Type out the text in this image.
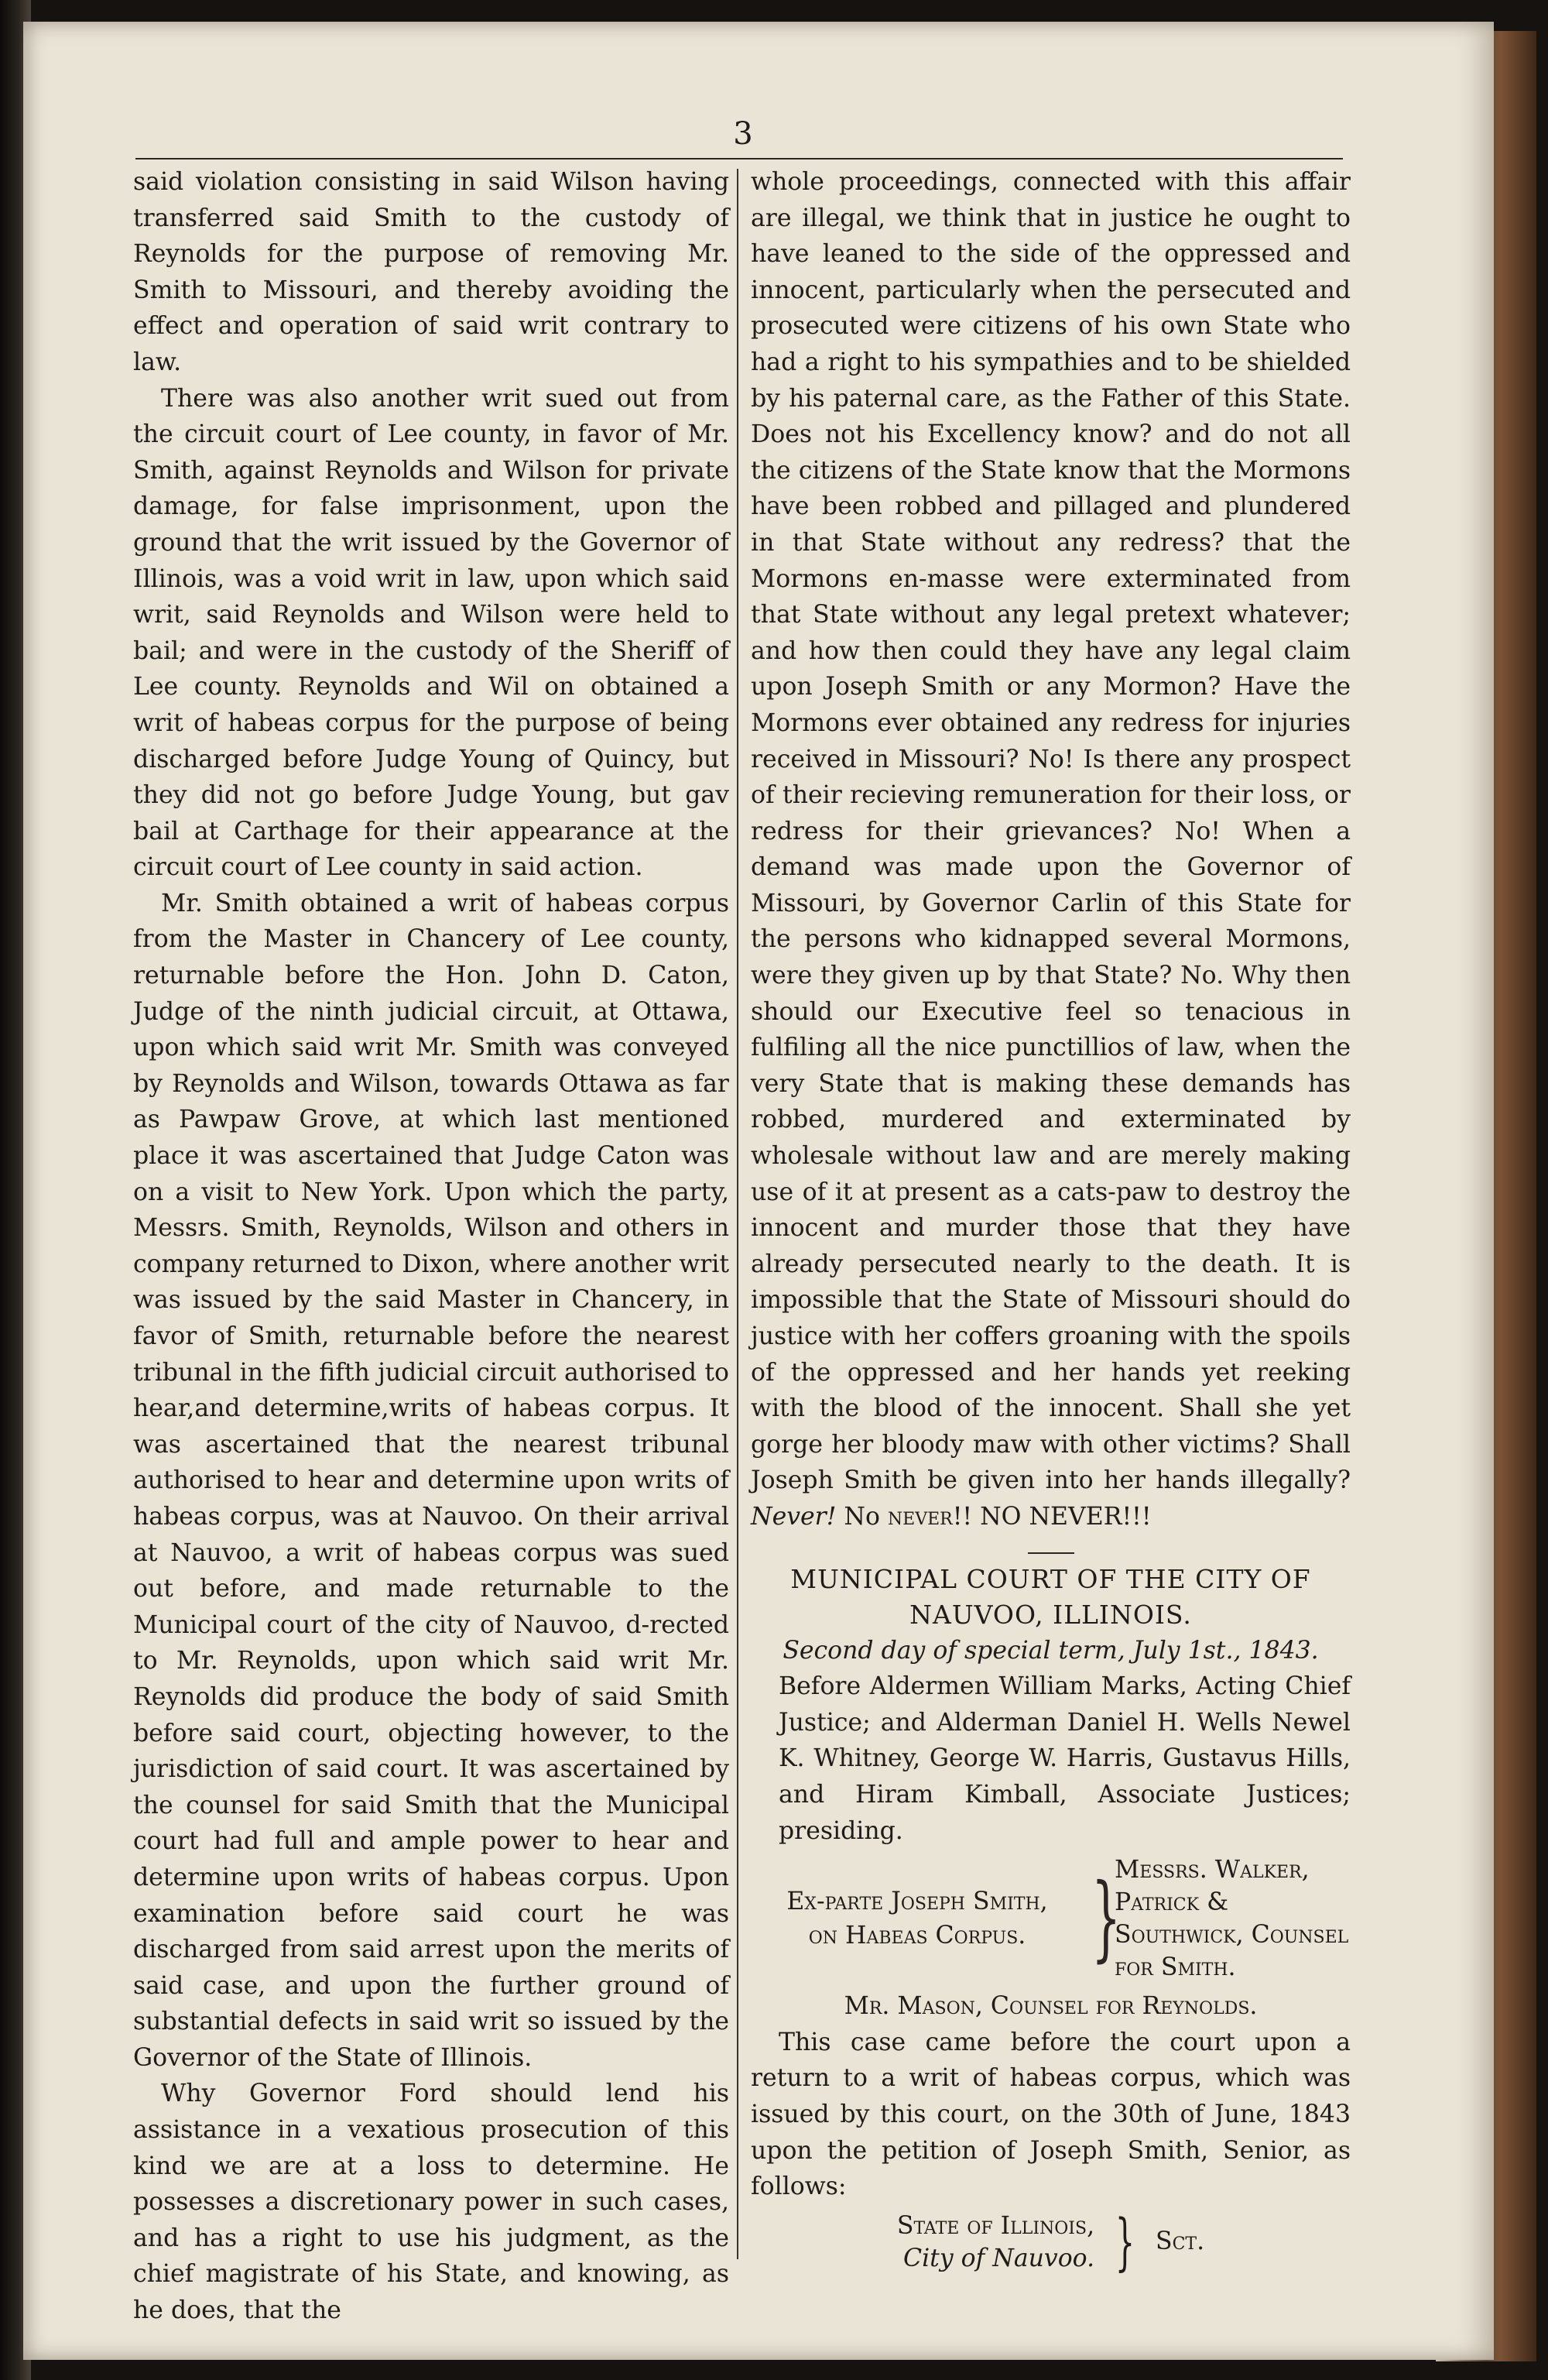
3

said violation consisting in said Wilson having transferred said Smith to the custody of Reynolds for the purpose of removing Mr. Smith to Missouri, and thereby avoiding the effect and operation of said writ contrary to law.

There was also another writ sued out from the circuit court of Lee county, in favor of Mr. Smith, against Reynolds and Wilson for private damage, for false imprisonment, upon the ground that the writ issued by the Governor of Illinois, was a void writ in law, upon which said writ, said Reynolds and Wilson were held to bail; and were in the custody of the Sheriff of Lee county. Reynolds and Wil on obtained a writ of habeas corpus for the purpose of being discharged before Judge Young of Quincy, but they did not go before Judge Young, but gav bail at Carthage for their appearance at the circuit court of Lee county in said action.

Mr. Smith obtained a writ of habeas corpus from the Master in Chancery of Lee county, returnable before the Hon. John D. Caton, Judge of the ninth judicial circuit, at Ottawa, upon which said writ Mr. Smith was conveyed by Reynolds and Wilson, towards Ottawa as far as Pawpaw Grove, at which last mentioned place it was ascertained that Judge Caton was on a visit to New York. Upon which the party, Messrs. Smith, Reynolds, Wilson and others in company returned to Dixon, where another writ was issued by the said Master in Chancery, in favor of Smith, returnable before the nearest tribunal in the fifth judicial circuit authorised to hear,and determine,writs of habeas corpus. It was ascertained that the nearest tribunal authorised to hear and determine upon writs of habeas corpus, was at Nauvoo. On their arrival at Nauvoo, a writ of habeas corpus was sued out before, and made returnable to the Municipal court of the city of Nauvoo, d-rected to Mr. Reynolds, upon which said writ Mr. Reynolds did produce the body of said Smith before said court, objecting however, to the jurisdiction of said court. It was ascertained by the counsel for said Smith that the Municipal court had full and ample power to hear and determine upon writs of habeas corpus. Upon examination before said court he was discharged from said arrest upon the merits of said case, and upon the further ground of substantial defects in said writ so issued by the Governor of the State of Illinois.

Why Governor Ford should lend his assistance in a vexatious prosecution of this kind we are at a loss to determine. He possesses a discretionary power in such cases, and has a right to use his judgment, as the chief magistrate of his State, and knowing, as he does, that the

whole proceedings, connected with this affair are illegal, we think that in justice he ought to have leaned to the side of the oppressed and innocent, particularly when the persecuted and prosecuted were citizens of his own State who had a right to his sympathies and to be shielded by his paternal care, as the Father of this State. Does not his Excellency know? and do not all the citizens of the State know that the Mormons have been robbed and pillaged and plundered in that State without any redress? that the Mormons en-masse were exterminated from that State without any legal pretext whatever; and how then could they have any legal claim upon Joseph Smith or any Mormon? Have the Mormons ever obtained any redress for injuries received in Missouri? No! Is there any prospect of their recieving remuneration for their loss, or redress for their grievances? No! When a demand was made upon the Governor of Missouri, by Governor Carlin of this State for the persons who kidnapped several Mormons, were they given up by that State? No. Why then should our Executive feel so tenacious in fulfiling all the nice punctillios of law, when the very State that is making these demands has robbed, murdered and exterminated by wholesale without law and are merely making use of it at present as a cats-paw to destroy the innocent and murder those that they have already persecuted nearly to the death. It is impossible that the State of Missouri should do justice with her coffers groaning with the spoils of the oppressed and her hands yet reeking with the blood of the innocent. Shall she yet gorge her bloody maw with other victims? Shall Joseph Smith be given into her hands illegally? Never! No never!! NO NEVER!!!

MUNICIPAL COURT OF THE CITY OF NAUVOO, ILLINOIS.
Second day of special term, July 1st., 1843.

Before Aldermen William Marks, Acting Chief Justice; and Alderman Daniel H. Wells Newel K. Whitney, George W. Harris, Gustavus Hills, and Hiram Kimball, Associate Justices; presiding.

Ex-parte Joseph Smith,
on Habeas Corpus. }
Messrs. Walker, Patrick & Southwick, Counsel for Smith.

Mr. Mason, Counsel for Reynolds.

This case came before the court upon a return to a writ of habeas corpus, which was issued by this court, on the 30th of June, 1843 upon the petition of Joseph Smith, Senior, as follows:

State of Illinois,
City of Nauvoo. } Sct.
